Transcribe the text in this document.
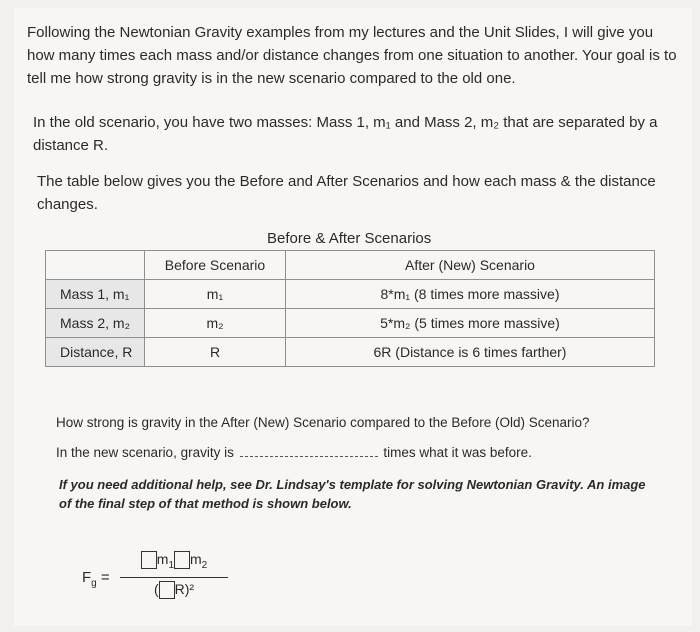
Following the Newtonian Gravity examples from my lectures and the Unit Slides, I will give you how many times each mass and/or distance changes from one situation to another. Your goal is to tell me how strong gravity is in the new scenario compared to the old one.

In the old scenario, you have two masses: Mass 1, m₁ and Mass 2, m₂ that are separated by a distance R.

The table below gives you the Before and After Scenarios and how each mass & the distance changes.

Before & After Scenarios
	Before Scenario	After (New) Scenario
Mass 1, m₁	m₁	8*m₁ (8 times more massive)
Mass 2, m₂	m₂	5*m₂ (5 times more massive)
Distance, R	R	6R (Distance is 6 times farther)
How strong is gravity in the After (New) Scenario compared to the Before (Old) Scenario?
In the new scenario, gravity is	times what it was before.

If you need additional help, see Dr. Lindsay's template for solving Newtonian Gravity. An image of the final step of that method is shown below.

$F_g$ =
$m_1$ $m_2$
( R)²
